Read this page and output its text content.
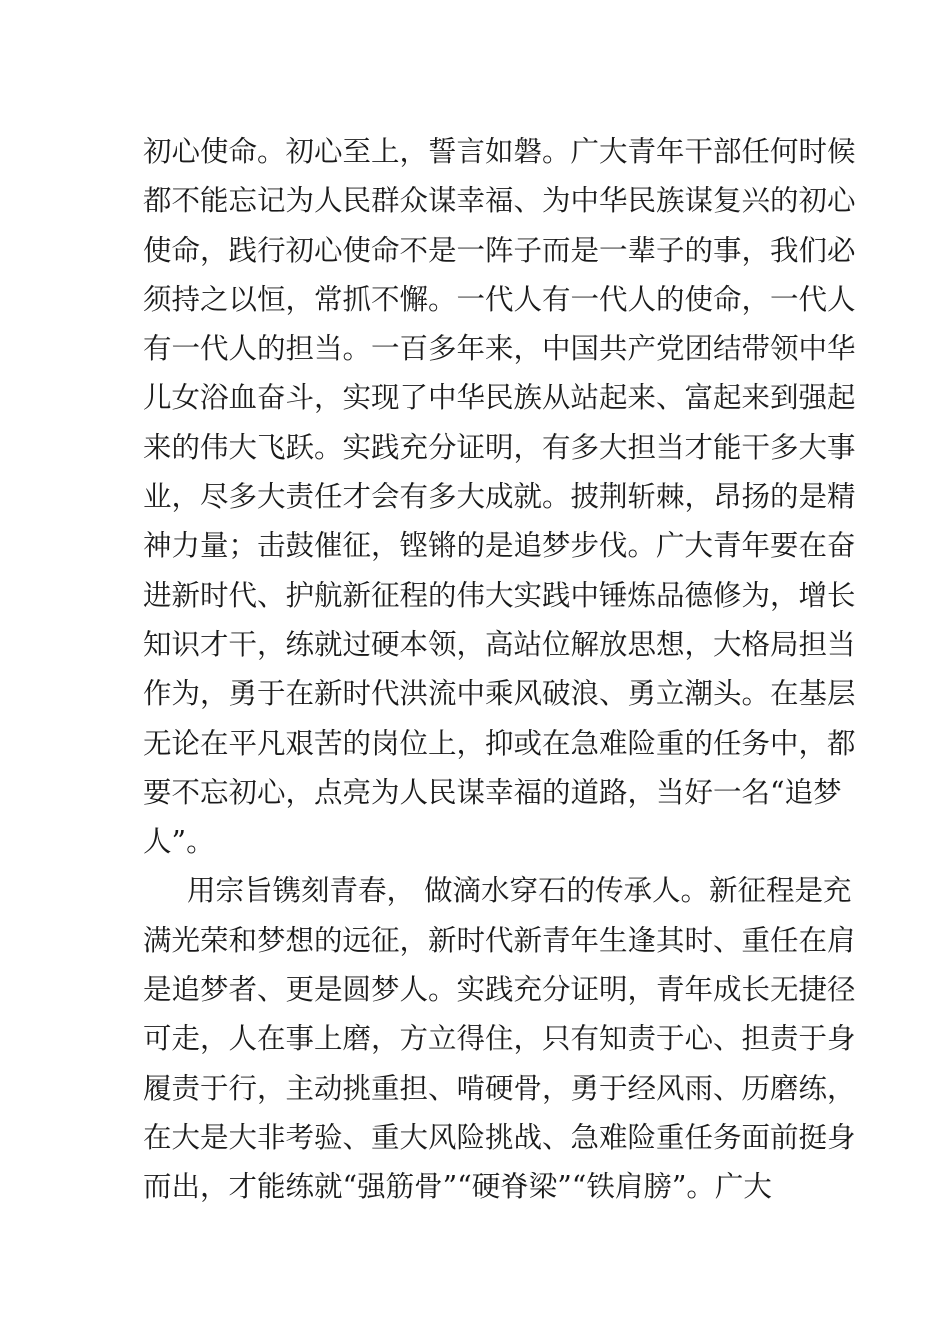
初心使命。初心至上，誓言如磐。广大青年干部任何时候
都不能忘记为人民群众谋幸福、为中华民族谋复兴的初心
使命，践行初心使命不是一阵子而是一辈子的事，我们必
须持之以恒，常抓不懈。一代人有一代人的使命，一代人
有一代人的担当。一百多年来，中国共产党团结带领中华
儿女浴血奋斗，实现了中华民族从站起来、富起来到强起
来的伟大飞跃。实践充分证明，有多大担当才能干多大事
业，尽多大责任才会有多大成就。披荆斩棘，昂扬的是精
神力量；击鼓催征，铿锵的是追梦步伐。广大青年要在奋
进新时代、护航新征程的伟大实践中锤炼品德修为，增长
知识才干，练就过硬本领，高站位解放思想，大格局担当
作为，勇于在新时代洪流中乘风破浪、勇立潮头。在基层
无论在平凡艰苦的岗位上，抑或在急难险重的任务中，都
要不忘初心，点亮为人民谋幸福的道路，当好一名“追梦
人”。
用宗旨镌刻青春， 做滴水穿石的传承人。新征程是充
满光荣和梦想的远征，新时代新青年生逢其时、重任在肩
是追梦者、更是圆梦人。实践充分证明，青年成长无捷径
可走，人在事上磨，方立得住，只有知责于心、担责于身
履责于行，主动挑重担、啃硬骨，勇于经风雨、历磨练，
在大是大非考验、重大风险挑战、急难险重任务面前挺身
而出，才能练就“强筋骨”“硬脊梁”“铁肩膀”。广大
